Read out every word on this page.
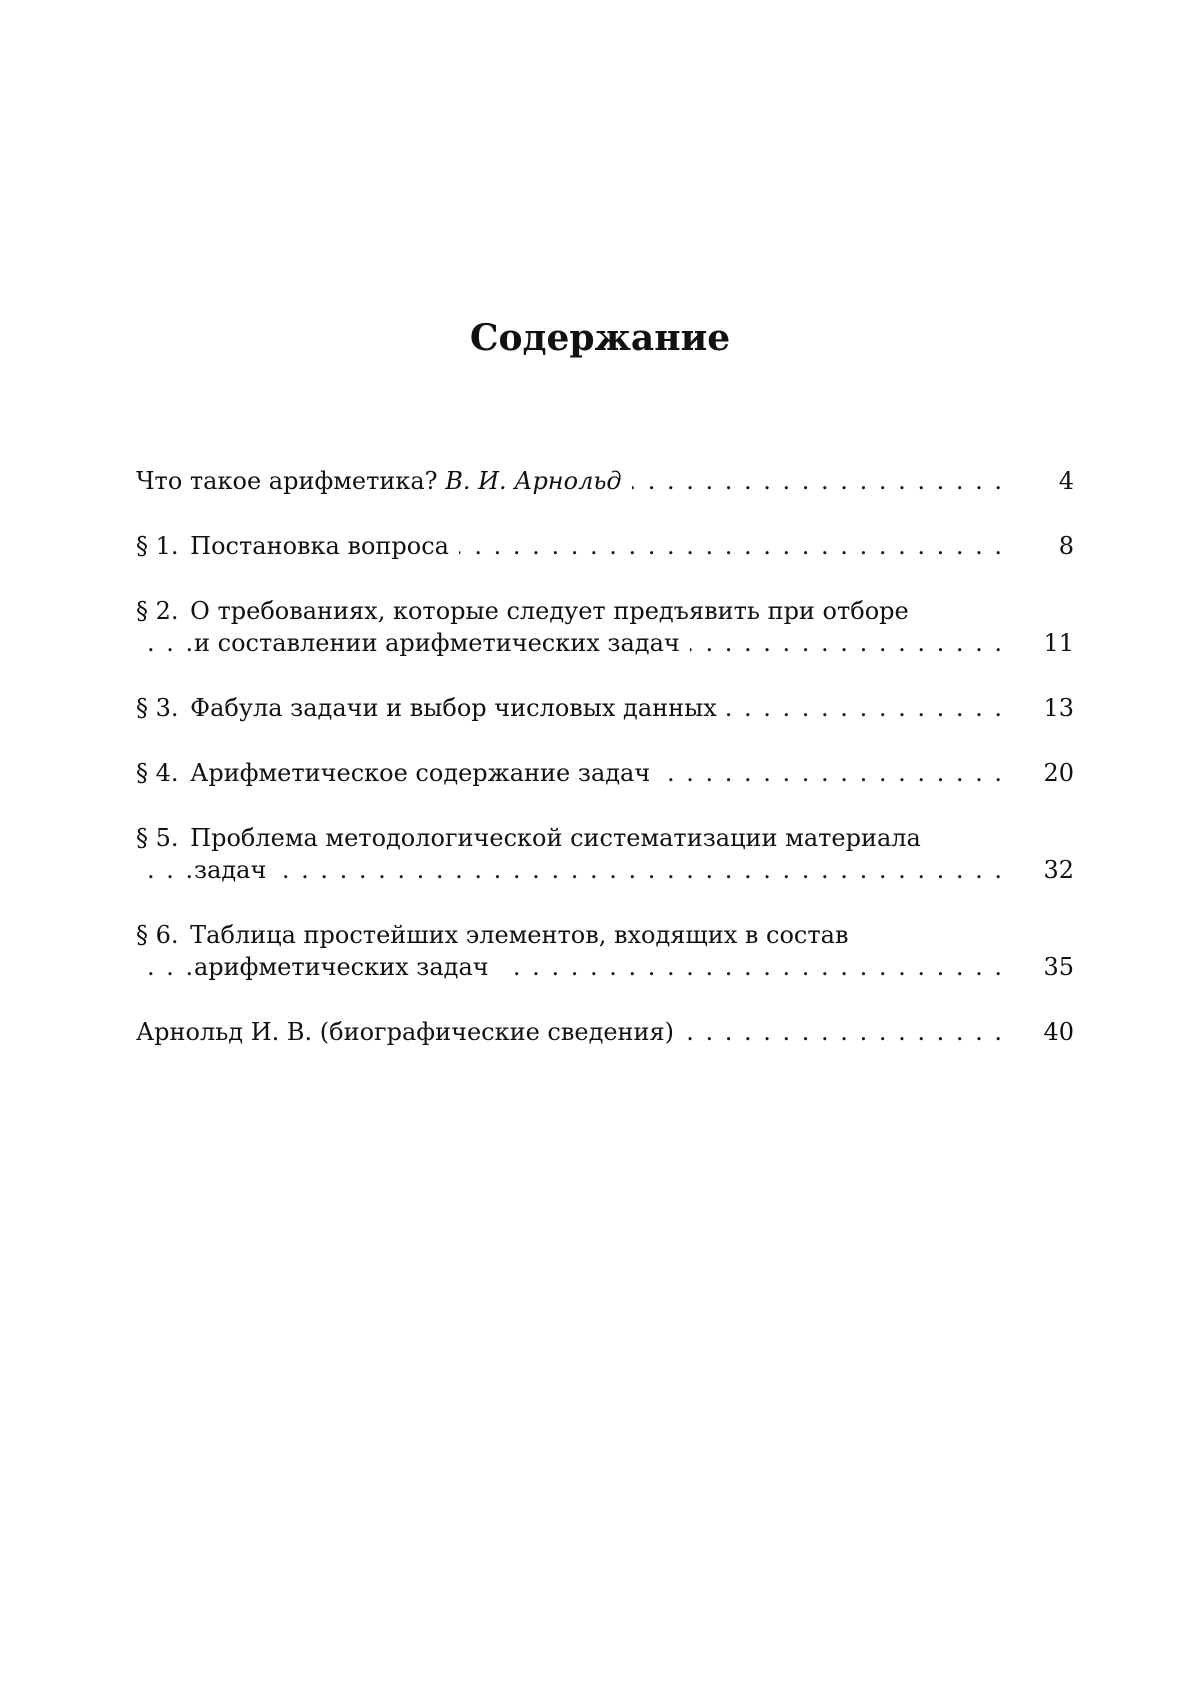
Содержание
Что такое арифметика? В. И. Арнольд . . .	4
§ 1. Постановка вопроса . . .	8
§ 2. О требованиях, которые следует предъявить при отборе
и составлении арифметических задач . . .	11
§ 3. Фабула задачи и выбор числовых данных . . .	13
§ 4. Арифметическое содержание задач . . .	20
§ 5. Проблема методологической систематизации материала
задач . . .	32
§ 6. Таблица простейших элементов, входящих в состав
арифметических задач . . .	35
Арнольд И. В. (биографические сведения) . . .	40
